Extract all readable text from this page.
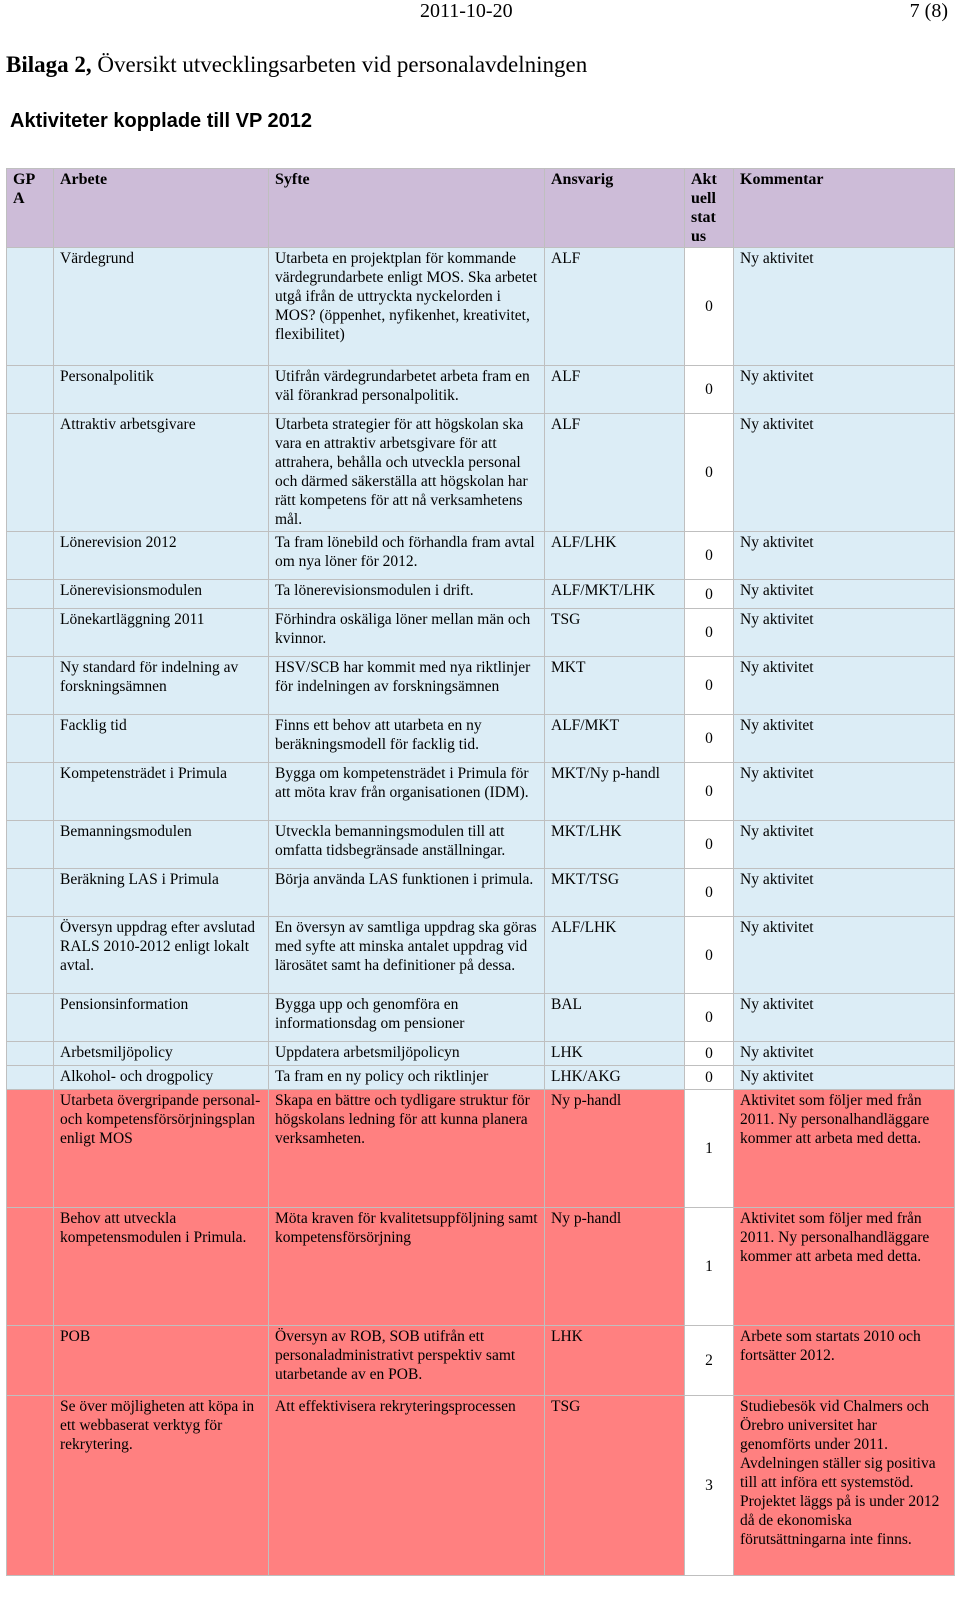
2011-10-20	7 (8)
Bilaga 2, Översikt utvecklingsarbeten vid personalavdelningen
Aktiviteter kopplade till VP 2012
GP A	Arbete	Syfte	Ansvarig	Akt uell stat us	Kommentar
	Värdegrund	Utarbeta en projektplan för kommande värdegrundarbete enligt MOS. Ska arbetet utgå ifrån de uttryckta nyckelorden i MOS? (öppenhet, nyfikenhet, kreativitet, flexibilitet)	ALF	0	Ny aktivitet
	Personalpolitik	Utifrån värdegrundarbetet arbeta fram en väl förankrad personalpolitik.	ALF	0	Ny aktivitet
	Attraktiv arbetsgivare	Utarbeta strategier för att högskolan ska vara en attraktiv arbetsgivare för att attrahera, behålla och utveckla personal och därmed säkerställa att högskolan har rätt kompetens för att nå verksamhetens mål.	ALF	0	Ny aktivitet
	Lönerevision 2012	Ta fram lönebild och förhandla fram avtal om nya löner för 2012.	ALF/LHK	0	Ny aktivitet
	Lönerevisionsmodulen	Ta lönerevisionsmodulen i drift.	ALF/MKT/LHK	0	Ny aktivitet
	Lönekartläggning 2011	Förhindra oskäliga löner mellan män och kvinnor.	TSG	0	Ny aktivitet
	Ny standard för indelning av forskningsämnen	HSV/SCB har kommit med nya riktlinjer för indelningen av forskningsämnen	MKT	0	Ny aktivitet
	Facklig tid	Finns ett behov att utarbeta en ny beräkningsmodell för facklig tid.	ALF/MKT	0	Ny aktivitet
	Kompetensträdet i Primula	Bygga om kompetensträdet i Primula för att möta krav från organisationen (IDM).	MKT/Ny p-handl	0	Ny aktivitet
	Bemanningsmodulen	Utveckla bemanningsmodulen till att omfatta tidsbegränsade anställningar.	MKT/LHK	0	Ny aktivitet
	Beräkning LAS i Primula	Börja använda LAS funktionen i primula.	MKT/TSG	0	Ny aktivitet
	Översyn uppdrag efter avslutad RALS 2010-2012 enligt lokalt avtal.	En översyn av samtliga uppdrag ska göras med syfte att minska antalet uppdrag vid lärosätet samt ha definitioner på dessa.	ALF/LHK	0	Ny aktivitet
	Pensionsinformation	Bygga upp och genomföra en informationsdag om pensioner	BAL	0	Ny aktivitet
	Arbetsmiljöpolicy	Uppdatera arbetsmiljöpolicyn	LHK	0	Ny aktivitet
	Alkohol- och drogpolicy	Ta fram en ny policy och riktlinjer	LHK/AKG	0	Ny aktivitet
	Utarbeta övergripande personal- och kompetensförsörjningsplan enligt MOS	Skapa en bättre och tydligare struktur för högskolans ledning för att kunna planera verksamheten.	Ny p-handl	1	Aktivitet som följer med från 2011. Ny personalhandläggare kommer att arbeta med detta.
	Behov att utveckla kompetensmodulen i Primula.	Möta kraven för kvalitetsuppföljning samt kompetensförsörjning	Ny p-handl	1	Aktivitet som följer med från 2011. Ny personalhandläggare kommer att arbeta med detta.
	POB	Översyn av ROB, SOB utifrån ett personaladministrativt perspektiv samt utarbetande av en POB.	LHK	2	Arbete som startats 2010 och fortsätter 2012.
	Se över möjligheten att köpa in ett webbaserat verktyg för rekrytering.	Att effektivisera rekryteringsprocessen	TSG	3	Studiebesök vid Chalmers och Örebro universitet har genomförts under 2011. Avdelningen ställer sig positiva till att införa ett systemstöd. Projektet läggs på is under 2012 då de ekonomiska förutsättningarna inte finns.
